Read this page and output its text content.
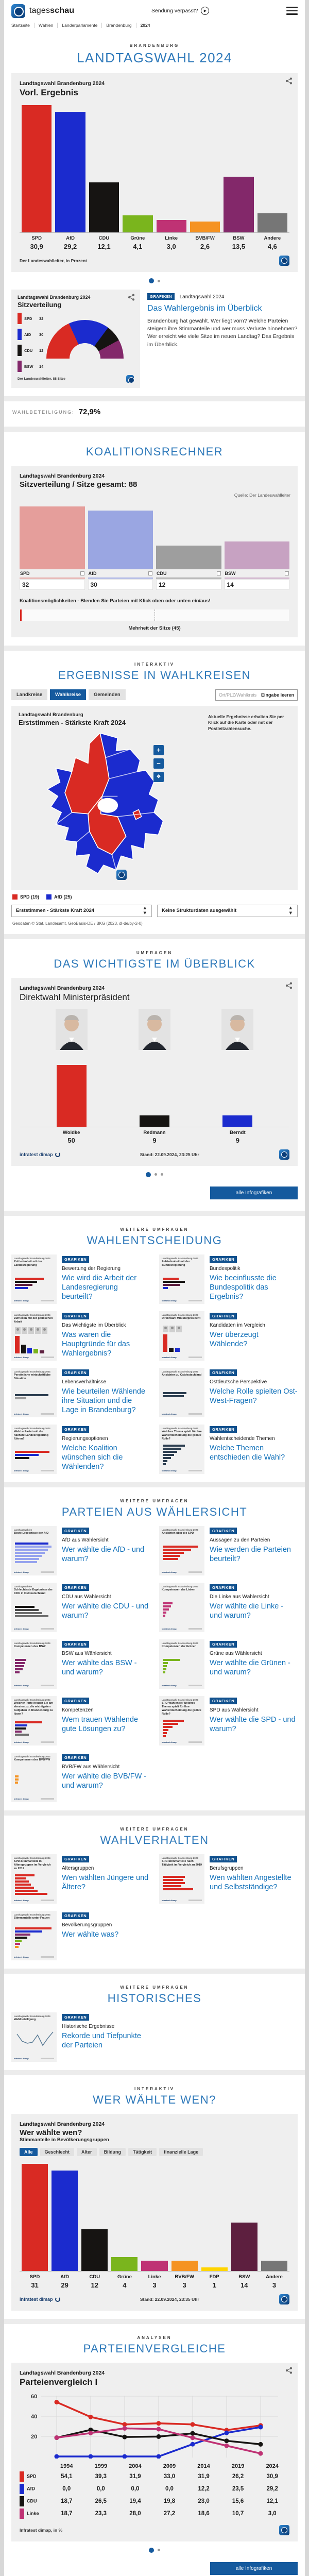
tagesschau	Sendung verpasst?	▶
Startseite	Wahlen	Länderparlamente	Brandenburg	2024
BRANDENBURG
LANDTAGSWAHL 2024
Landtagswahl Brandenburg 2024
Vorl. Ergebnis
SPD
30,9
AfD
29,2
CDU
12,1
Grüne
4,1
Linke
3,0
BVB/FW
2,6
BSW
13,5
Andere
4,6
Der Landeswahlleiter, in Prozent
Landtagswahl Brandenburg 2024
Sitzverteilung
SPD	32
AfD	30
CDU	12
BSW	14
Der Landeswahlleiter, 88 Sitze
GRAFIKEN Landtagswahl 2024
Das Wahlergebnis im Überblick
Brandenburg hat gewählt. Wer liegt vorn? Welche Parteien steigern ihre Stimmanteile und wer muss Verluste hinnehmen? Wer erreicht wie viele Sitze im neuen Landtag? Das Ergebnis im Überblick.
WAHLBETEILIGUNG: 72,9%
KOALITIONSRECHNER
Landtagswahl Brandenburg 2024
Sitzverteilung / Sitze gesamt: 88
Quelle: Der Landeswahlleiter
SPD
32
AfD
30
CDU
12
BSW
14
Koalitionsmöglichkeiten - Blenden Sie Parteien mit Klick oben oder unten ein/aus!
Mehrheit der Sitze (45)
INTERAKTIV
ERGEBNISSE IN WAHLKREISEN
Landkreise	Wahlkreise	Gemeinden	Ort/PLZ/Wahlkreis Eingabe leeren
Landtagswahl Brandenburg
Erststimmen - Stärkste Kraft 2024
Aktuelle Ergebnisse erhalten Sie per Klick auf die Karte oder mit der Postleitzahlensuche.
+
−
✥
SPD (19)	AfD (25)
Erststimmen - Stärkste Kraft 2024	▲
▼	Keine Strukturdaten ausgewählt	▲
▼
Geodaten © Stat. Landesamt, GeoBasis-DE / BKG (2023, dl-de/by-2-0)
UMFRAGEN
DAS WICHTIGSTE IM ÜBERBLICK
Landtagswahl Brandenburg 2024
Direktwahl Ministerpräsident
Woidke
50
Redmann
9
Berndt
9
infratest dimap	Stand: 22.09.2024, 23:25 Uhr
alle Infografiken
WEITERE UMFRAGEN
WAHLENTSCHEIDUNG
Landtagswahl Brandenburg 2024
Zufriedenheit mit der Landesregierung
infratest dimap
GRAFIKEN
Bewertung der Regierung
Wie wird die Arbeit der Landesregierung beurteilt?
Landtagswahl Brandenburg 2024
Zufriedenheit mit der Bundesregierung
infratest dimap
GRAFIKEN
Bundespolitik
Wie beeinflusste die Bundespolitik das Ergebnis?
Landtagswahl Brandenburg 2024
Zufrieden mit der politischen Arbeit
infratest dimap
GRAFIKEN
Das Wichtigste im Überblick
Was waren die Hauptgründe für das Wahlergebnis?
Landtagswahl Brandenburg 2024
Direktwahl Ministerpräsident
infratest dimap
GRAFIKEN
Kandidaten im Vergleich
Wer überzeugt Wählende?
Landtagswahl Brandenburg 2024
Persönliche wirtschaftliche Situation
infratest dimap
GRAFIKEN
Lebensverhältnisse
Wie beurteilen Wählende ihre Situation und die Lage in Brandenburg?
Landtagswahl Brandenburg 2024
Ansichten zu Ostdeutschland
infratest dimap
GRAFIKEN
Ostdeutsche Perspektive
Welche Rolle spielten Ost-West-Fragen?
Landtagswahl Brandenburg 2024
Welche Partei soll die nächste Landesregierung führen?
infratest dimap
GRAFIKEN
Regierungsoptionen
Welche Koalition wünschen sich die Wählenden?
Landtagswahl Brandenburg 2024
Welches Thema spielt für Ihre Wahlentscheidung die größte Rolle?
infratest dimap
GRAFIKEN
Wahlentscheidende Themen
Welche Themen entschieden die Wahl?
WEITERE UMFRAGEN
PARTEIEN AUS WÄHLERSICHT
Landtagswahlen
Beste Ergebnisse der AfD
infratest dimap
GRAFIKEN
AfD aus Wählersicht
Wer wählte die AfD - und warum?
Landtagswahl Brandenburg 2024
Ansichten über die SPD
infratest dimap
GRAFIKEN
Aussagen zu den Parteien
Wie werden die Parteien beurteilt?
Landtagswahlen
Schlechteste Ergebnisse der CDU in Ostdeutschland
infratest dimap
GRAFIKEN
CDU aus Wählersicht
Wer wählte die CDU - und warum?
Landtagswahl Brandenburg 2024
Kompetenzen der Linken
infratest dimap
GRAFIKEN
Die Linke aus Wählersicht
Wer wählte die Linke - und warum?
Landtagswahl Brandenburg 2024
Kompetenzen des BSW
infratest dimap
GRAFIKEN
BSW aus Wählersicht
Wer wählte das BSW - und warum?
Landtagswahl Brandenburg 2024
Kompetenzen der Grünen
infratest dimap
GRAFIKEN
Grüne aus Wählersicht
Wer wählte die Grünen - und warum?
Landtagswahl Brandenburg 2024
Welcher Partei trauen Sie am ehesten zu, die wichtigsten Aufgaben in Brandenburg zu lösen?
infratest dimap
GRAFIKEN
Kompetenzen
Wem trauen Wählende gute Lösungen zu?
Landtagswahl Brandenburg 2024
SPD-Wählende: Welches Thema spielt für Ihre Wahlentscheidung die größte Rolle?
infratest dimap
GRAFIKEN
SPD aus Wählersicht
Wer wählte die SPD - und warum?
Landtagswahl Brandenburg 2024
Kompetenzen des BVB/FW
infratest dimap
GRAFIKEN
BVB/FW aus Wählersicht
Wer wählte die BVB/FW - und warum?
WEITERE UMFRAGEN
WAHLVERHALTEN
Landtagswahl Brandenburg 2024
SPD-Stimmanteile in Altersgruppen im Vergleich zu 2019
infratest dimap
GRAFIKEN
Altersgruppen
Wen wählten Jüngere und Ältere?
Landtagswahl Brandenburg 2024
SPD-Stimmanteile nach Tätigkeit im Vergleich zu 2019
infratest dimap
GRAFIKEN
Berufsgruppen
Wen wählten Angestellte und Selbstständige?
Landtagswahl Brandenburg 2024
Stimmanteile unter Frauen
infratest dimap
GRAFIKEN
Bevölkerungsgruppen
Wer wählte was?
WEITERE UMFRAGEN
HISTORISCHES
Landtagswahl Brandenburg 2024
Wahlbeteiligung
infratest dimap
GRAFIKEN
Historische Ergebnisse
Rekorde und Tiefpunkte der Parteien
INTERAKTIV
WER WÄHLTE WEN?
Landtagswahl Brandenburg 2024
Wer wählte wen?
Stimmanteile in Bevölkerungsgruppen
Alle	Geschlecht	Alter	Bildung	Tätigkeit	finanzielle Lage
SPD
31
AfD
29
CDU
12
Grüne
4
Linke
3
BVB/FW
3
FDP
1
BSW
14
Andere
3
infratest dimap	Stand: 22.09.2024, 23:35 Uhr
ANALYSEN
PARTEIENVERGLEICHE
Landtagswahl Brandenburg 2024
Parteienvergleich I
20
40
60
	1994	1999	2004	2009	2014	2019	2024
SPD	54,1	39,3	31,9	33,0	31,9	26,2	30,9
AfD	0,0	0,0	0,0	0,0	12,2	23,5	29,2
CDU	18,7	26,5	19,4	19,8	23,0	15,6	12,1
Linke	18,7	23,3	28,0	27,2	18,6	10,7	3,0
Infratest dimap, in %
alle Infografiken
